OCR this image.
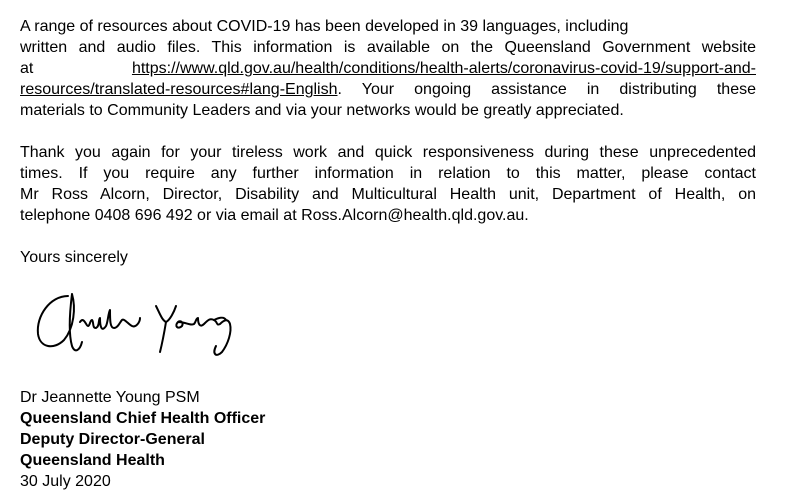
A range of resources about COVID-19 has been developed in 39 languages, including
written and audio files. This information is available on the Queensland Government website
at https://www.qld.gov.au/health/conditions/health-alerts/coronavirus-covid-19/support-and-
resources/translated-resources#lang-English. Your ongoing assistance in distributing these
materials to Community Leaders and via your networks would be greatly appreciated.
Thank you again for your tireless work and quick responsiveness during these unprecedented
times. If you require any further information in relation to this matter, please contact
Mr Ross Alcorn, Director, Disability and Multicultural Health unit, Department of Health, on
telephone 0408 696 492 or via email at Ross.Alcorn@health.qld.gov.au.
Yours sincerely
Dr Jeannette Young PSM
Queensland Chief Health Officer
Deputy Director-General
Queensland Health
30 July 2020
